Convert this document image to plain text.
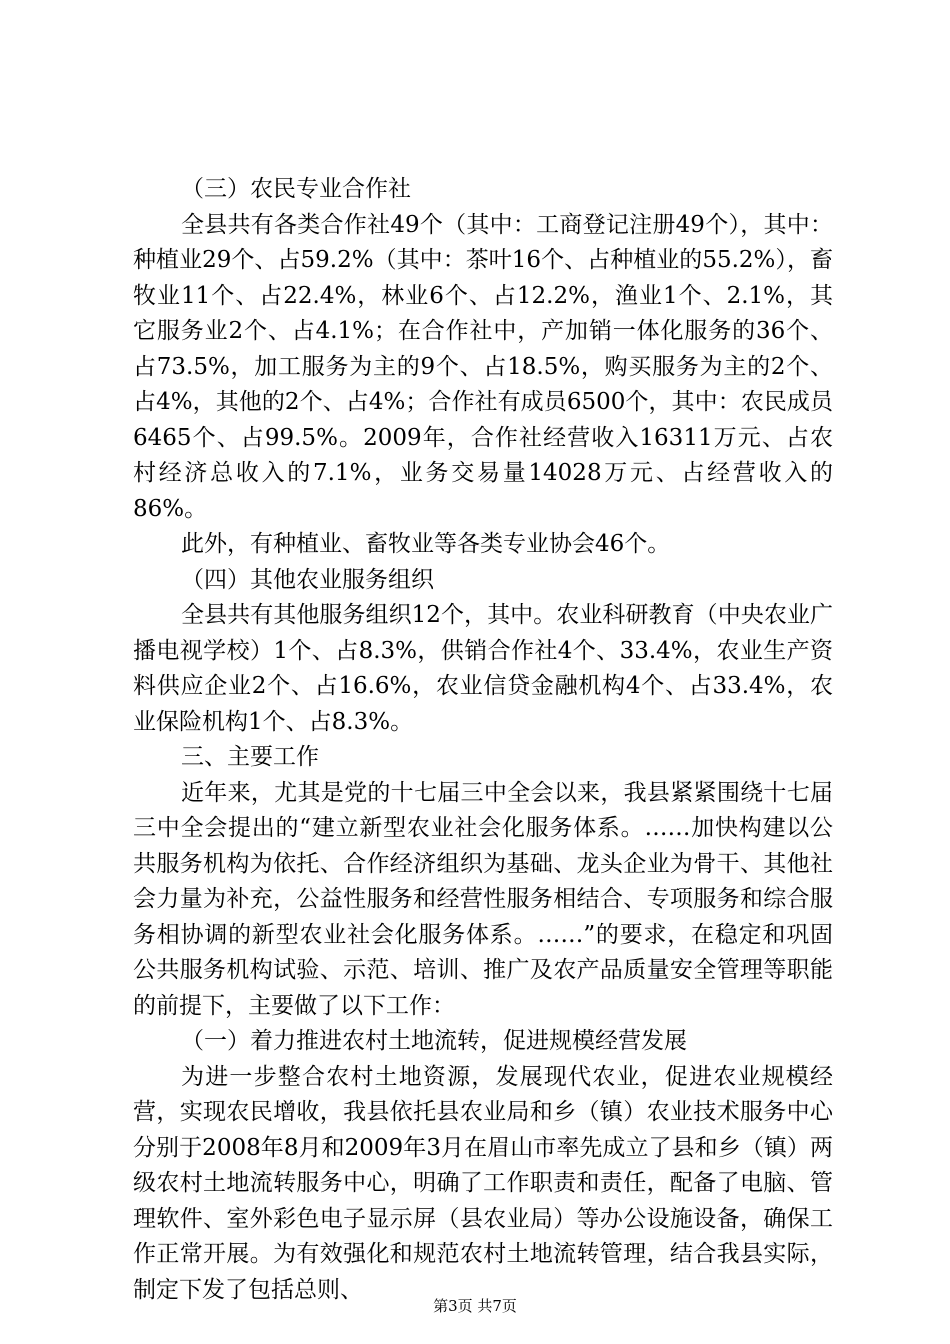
（三）农民专业合作社

全县共有各类合作社49个（其中：工商登记注册49个），其中：种植业29个、占59.2%（其中：茶叶16个、占种植业的55.2%），畜牧业11个、占22.4%，林业6个、占12.2%，渔业1个、2.1%，其它服务业2个、占4.1%；在合作社中，产加销一体化服务的36个、占73.5%，加工服务为主的9个、占18.5%，购买服务为主的2个、占4%，其他的2个、占4%；合作社有成员6500个，其中：农民成员6465个、占99.5%。2009年，合作社经营收入16311万元、占农村经济总收入的7.1%，业务交易量14028万元、占经营收入的86%。

此外，有种植业、畜牧业等各类专业协会46个。

（四）其他农业服务组织

全县共有其他服务组织12个，其中。农业科研教育（中央农业广播电视学校）1个、占8.3%，供销合作社4个、33.4%，农业生产资料供应企业2个、占16.6%，农业信贷金融机构4个、占33.4%，农业保险机构1个、占8.3%。

三、主要工作

近年来，尤其是党的十七届三中全会以来，我县紧紧围绕十七届三中全会提出的“建立新型农业社会化服务体系。……加快构建以公共服务机构为依托、合作经济组织为基础、龙头企业为骨干、其他社会力量为补充，公益性服务和经营性服务相结合、专项服务和综合服务相协调的新型农业社会化服务体系。……”的要求，在稳定和巩固公共服务机构试验、示范、培训、推广及农产品质量安全管理等职能的前提下，主要做了以下工作：

（一）着力推进农村土地流转，促进规模经营发展

为进一步整合农村土地资源，发展现代农业，促进农业规模经营，实现农民增收，我县依托县农业局和乡（镇）农业技术服务中心分别于2008年8月和2009年3月在眉山市率先成立了县和乡（镇）两级农村土地流转服务中心，明确了工作职责和责任，配备了电脑、管理软件、室外彩色电子显示屏（县农业局）等办公设施设备，确保工作正常开展。为有效强化和规范农村土地流转管理，结合我县实际，制定下发了包括总则、

第3页 共7页
